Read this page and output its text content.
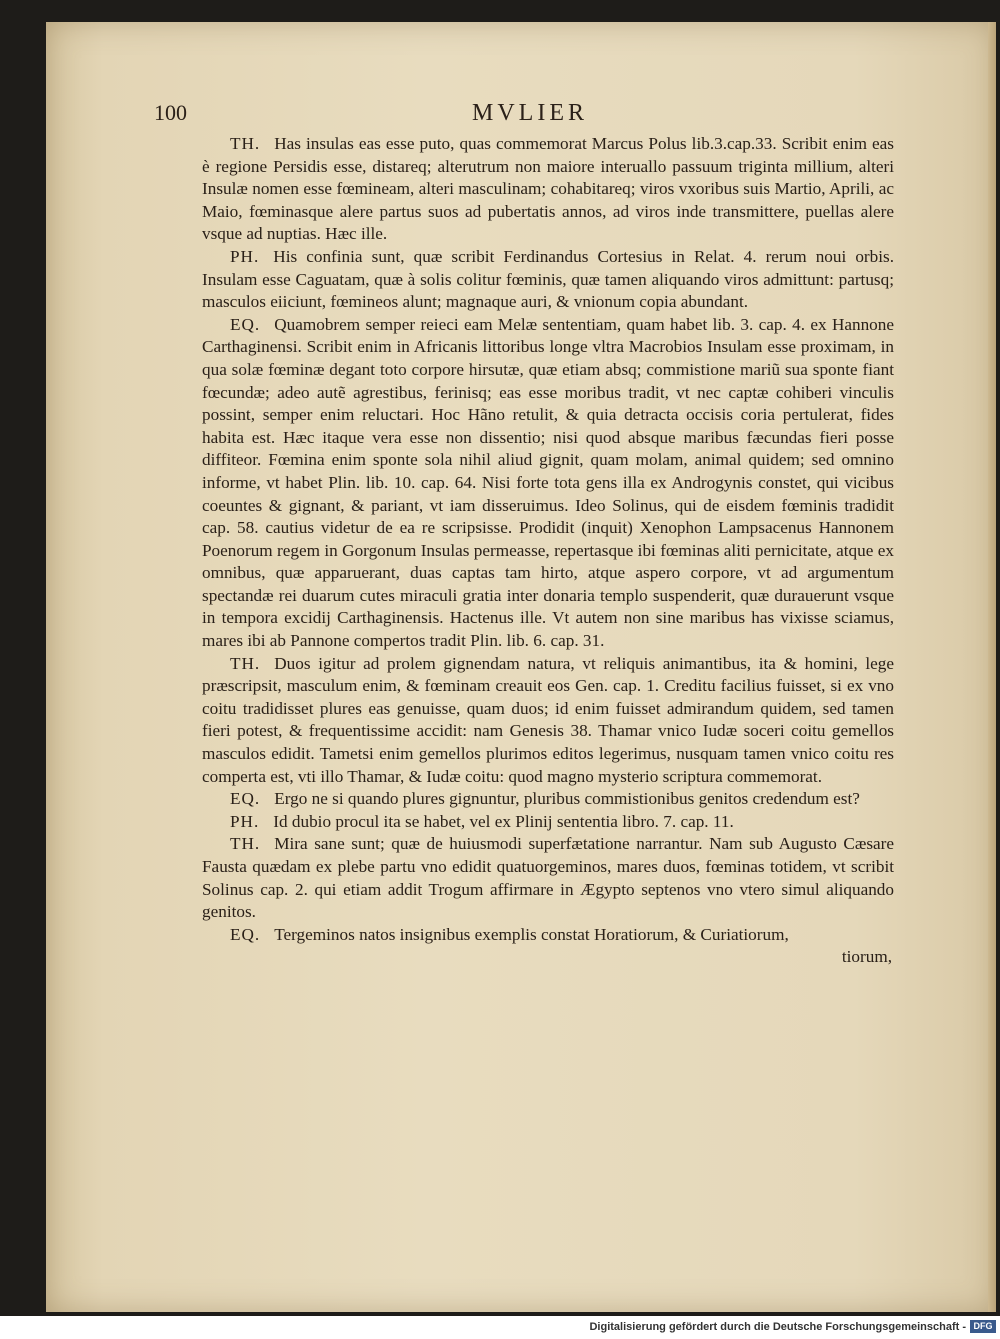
100	MVLIER

TH. Has insulas eas esse puto, quas commemorat Marcus Polus lib.3.cap.33. Scribit enim eas è regione Persidis esse, distareq; alterutrum non maiore interuallo passuum triginta millium, alteri Insulæ nomen esse fœmineam, alteri masculinam; cohabitareq; viros vxoribus suis Martio, Aprili, ac Maio, fœminasque alere partus suos ad pubertatis annos, ad viros inde transmittere, puellas alere vsque ad nuptias. Hæc ille.

PH. His confinia sunt, quæ scribit Ferdinandus Cortesius in Relat. 4. rerum noui orbis. Insulam esse Caguatam, quæ à solis colitur fœminis, quæ tamen aliquando viros admittunt: partusq; masculos eiiciunt, fœmineos alunt; magnaque auri, & vnionum copia abundant.

EQ. Quamobrem semper reieci eam Melæ sententiam, quam habet lib. 3. cap. 4. ex Hannone Carthaginensi. Scribit enim in Africanis littoribus longe vltra Macrobios Insulam esse proximam, in qua solæ fœminæ degant toto corpore hirsutæ, quæ etiam absq; commistione mariũ sua sponte fiant fœcundæ; adeo autẽ agrestibus, ferinisq; eas esse moribus tradit, vt nec captæ cohiberi vinculis possint, semper enim reluctari. Hoc Hãno retulit, & quia detracta occisis coria pertulerat, fides habita est. Hæc itaque vera esse non dissentio; nisi quod absque maribus fæcundas fieri posse diffiteor. Fœmina enim sponte sola nihil aliud gignit, quam molam, animal quidem; sed omnino informe, vt habet Plin. lib. 10. cap. 64. Nisi forte tota gens illa ex Androgynis constet, qui vicibus coeuntes & gignant, & pariant, vt iam disseruimus. Ideo Solinus, qui de eisdem fœminis tradidit cap. 58. cautius videtur de ea re scripsisse. Prodidit (inquit) Xenophon Lampsacenus Hannonem Poenorum regem in Gorgonum Insulas permeasse, repertasque ibi fœminas aliti pernicitate, atque ex omnibus, quæ apparuerant, duas captas tam hirto, atque aspero corpore, vt ad argumentum spectandæ rei duarum cutes miraculi gratia inter donaria templo suspenderit, quæ durauerunt vsque in tempora excidij Carthaginensis. Hactenus ille. Vt autem non sine maribus has vixisse sciamus, mares ibi ab Pannone compertos tradit Plin. lib. 6. cap. 31.

TH. Duos igitur ad prolem gignendam natura, vt reliquis animantibus, ita & homini, lege præscripsit, masculum enim, & fœminam creauit eos Gen. cap. 1. Creditu facilius fuisset, si ex vno coitu tradidisset plures eas genuisse, quam duos; id enim fuisset admirandum quidem, sed tamen fieri potest, & frequentissime accidit: nam Genesis 38. Thamar vnico Iudæ soceri coitu gemellos masculos edidit. Tametsi enim gemellos plurimos editos legerimus, nusquam tamen vnico coitu res comperta est, vti illo Thamar, & Iudæ coitu: quod magno mysterio scriptura commemorat.

EQ. Ergo ne si quando plures gignuntur, pluribus commistionibus genitos credendum est?

PH. Id dubio procul ita se habet, vel ex Plinij sententia libro. 7. cap. 11.

TH. Mira sane sunt; quæ de huiusmodi superfætatione narrantur. Nam sub Augusto Cæsare Fausta quædam ex plebe partu vno edidit quatuorgeminos, mares duos, fœminas totidem, vt scribit Solinus cap. 2. qui etiam addit Trogum affirmare in Ægypto septenos vno vtero simul aliquando genitos.

EQ. Tergeminos natos insignibus exemplis constat Horatiorum, & Curiatiorum,

tiorum,

Digitalisierung gefördert durch die Deutsche Forschungsgemeinschaft - DFG
